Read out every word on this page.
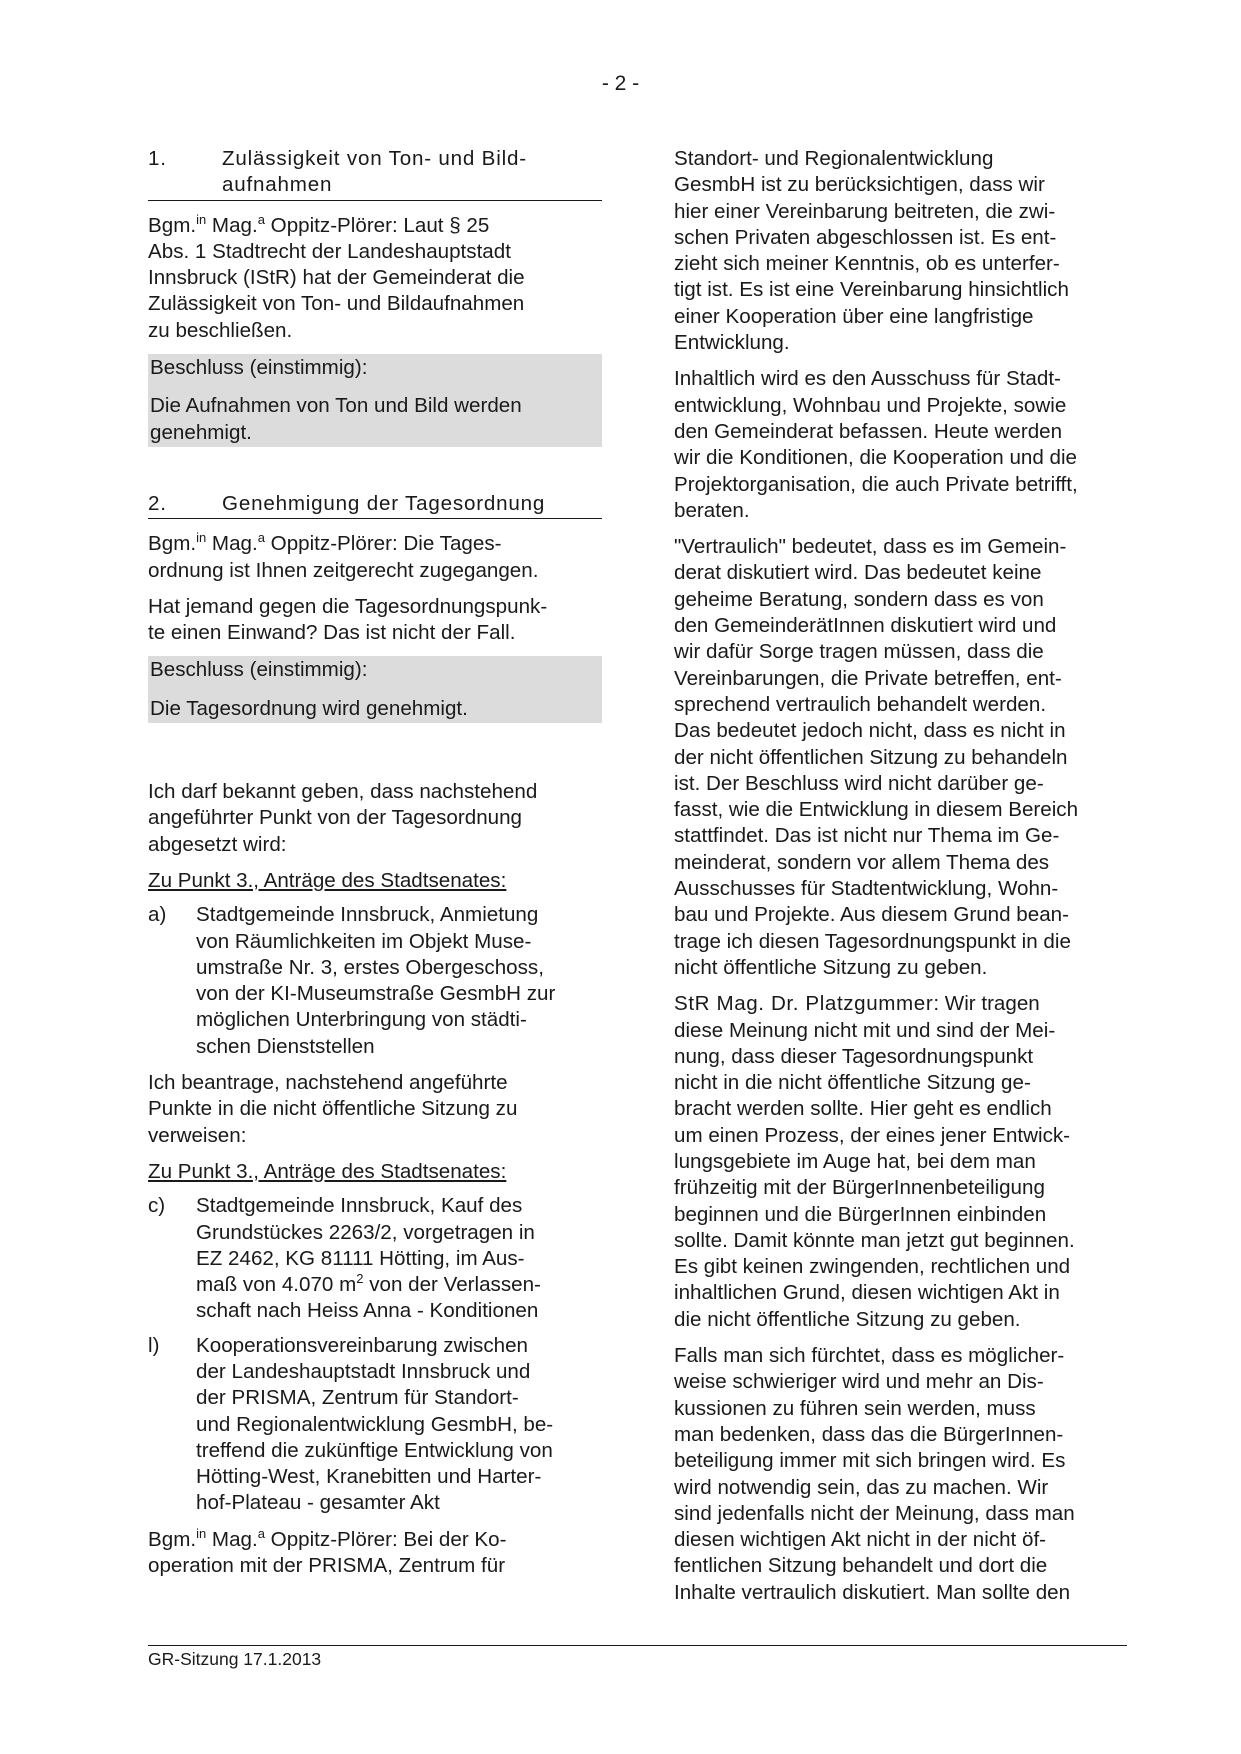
- 2 -
1.	Zulässigkeit von Ton- und Bild-
aufnahmen

Bgm.$^{in}$ Mag.$^a$ Oppitz-Plörer: Laut § 25

Abs. 1 Stadtrecht der Landeshauptstadt

Innsbruck (IStR) hat der Gemeinderat die

Zulässigkeit von Ton- und Bildaufnahmen

zu beschließen.

Beschluss (einstimmig):

Die Aufnahmen von Ton und Bild werden

genehmigt.

2.	Genehmigung der Tagesordnung

Bgm.$^{in}$ Mag.$^a$ Oppitz-Plörer: Die Tages-

ordnung ist Ihnen zeitgerecht zugegangen.

Hat jemand gegen die Tagesordnungspunk-

te einen Einwand? Das ist nicht der Fall.

Beschluss (einstimmig):

Die Tagesordnung wird genehmigt.

Ich darf bekannt geben, dass nachstehend

angeführter Punkt von der Tagesordnung

abgesetzt wird:

Zu Punkt 3., Anträge des Stadtsenates:

a)	Stadtgemeinde Innsbruck, Anmietung

von Räumlichkeiten im Objekt Muse-

umstraße Nr. 3, erstes Obergeschoss,

von der KI-Museumstraße GesmbH zur

möglichen Unterbringung von städti-

schen Dienststellen

Ich beantrage, nachstehend angeführte

Punkte in die nicht öffentliche Sitzung zu

verweisen:

Zu Punkt 3., Anträge des Stadtsenates:

c)	Stadtgemeinde Innsbruck, Kauf des

Grundstückes 2263/2, vorgetragen in

EZ 2462, KG 81111 Hötting, im Aus-

maß von 4.070 $m^2$ von der Verlassen-

schaft nach Heiss Anna - Konditionen

l)	Kooperationsvereinbarung zwischen

der Landeshauptstadt Innsbruck und

der PRISMA, Zentrum für Standort-

und Regionalentwicklung GesmbH, be-

treffend die zukünftige Entwicklung von

Hötting-West, Kranebitten und Harter-

hof-Plateau - gesamter Akt

Bgm.$^{in}$ Mag.$^a$ Oppitz-Plörer: Bei der Ko-

operation mit der PRISMA, Zentrum für

Standort- und Regionalentwicklung

GesmbH ist zu berücksichtigen, dass wir

hier einer Vereinbarung beitreten, die zwi-

schen Privaten abgeschlossen ist. Es ent-

zieht sich meiner Kenntnis, ob es unterfer-

tigt ist. Es ist eine Vereinbarung hinsichtlich

einer Kooperation über eine langfristige

Entwicklung.

Inhaltlich wird es den Ausschuss für Stadt-

entwicklung, Wohnbau und Projekte, sowie

den Gemeinderat befassen. Heute werden

wir die Konditionen, die Kooperation und die

Projektorganisation, die auch Private betrifft,

beraten.

"Vertraulich" bedeutet, dass es im Gemein-

derat diskutiert wird. Das bedeutet keine

geheime Beratung, sondern dass es von

den GemeinderätInnen diskutiert wird und

wir dafür Sorge tragen müssen, dass die

Vereinbarungen, die Private betreffen, ent-

sprechend vertraulich behandelt werden.

Das bedeutet jedoch nicht, dass es nicht in

der nicht öffentlichen Sitzung zu behandeln

ist. Der Beschluss wird nicht darüber ge-

fasst, wie die Entwicklung in diesem Bereich

stattfindet. Das ist nicht nur Thema im Ge-

meinderat, sondern vor allem Thema des

Ausschusses für Stadtentwicklung, Wohn-

bau und Projekte. Aus diesem Grund bean-

trage ich diesen Tagesordnungspunkt in die

nicht öffentliche Sitzung zu geben.

StR Mag. Dr. Platzgummer: Wir tragen

diese Meinung nicht mit und sind der Mei-

nung, dass dieser Tagesordnungspunkt

nicht in die nicht öffentliche Sitzung ge-

bracht werden sollte. Hier geht es endlich

um einen Prozess, der eines jener Entwick-

lungsgebiete im Auge hat, bei dem man

frühzeitig mit der BürgerInnenbeteiligung

beginnen und die BürgerInnen einbinden

sollte. Damit könnte man jetzt gut beginnen.

Es gibt keinen zwingenden, rechtlichen und

inhaltlichen Grund, diesen wichtigen Akt in

die nicht öffentliche Sitzung zu geben.

Falls man sich fürchtet, dass es möglicher-

weise schwieriger wird und mehr an Dis-

kussionen zu führen sein werden, muss

man bedenken, dass das die BürgerInnen-

beteiligung immer mit sich bringen wird. Es

wird notwendig sein, das zu machen. Wir

sind jedenfalls nicht der Meinung, dass man

diesen wichtigen Akt nicht in der nicht öf-

fentlichen Sitzung behandelt und dort die

Inhalte vertraulich diskutiert. Man sollte den

GR-Sitzung 17.1.2013
